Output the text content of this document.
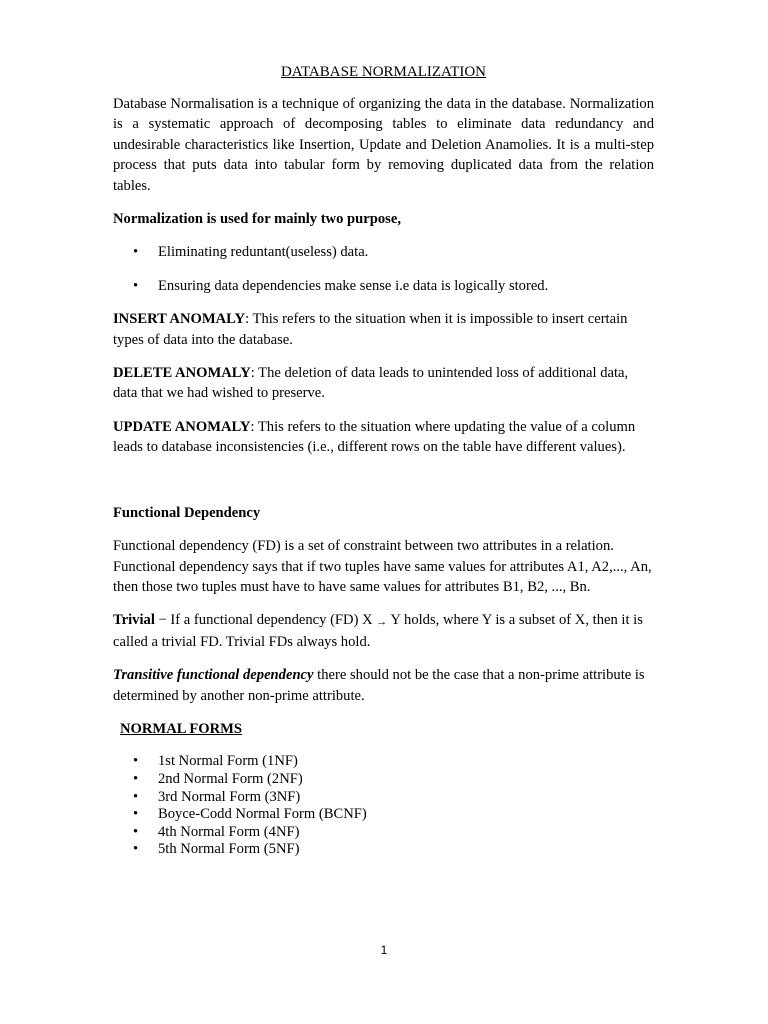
DATABASE NORMALIZATION

Database Normalisation is a technique of organizing the data in the database. Normalization is a systematic approach of decomposing tables to eliminate data redundancy and undesirable characteristics like Insertion, Update and Deletion Anamolies. It is a multi-step process that puts data into tabular form by removing duplicated data from the relation tables.

Normalization is used for mainly two purpose,

• Eliminating reduntant(useless) data.
• Ensuring data dependencies make sense i.e data is logically stored.

INSERT ANOMALY: This refers to the situation when it is impossible to insert certain types of data into the database.

DELETE ANOMALY: The deletion of data leads to unintended loss of additional data, data that we had wished to preserve.

UPDATE ANOMALY: This refers to the situation where updating the value of a column leads to database inconsistencies (i.e., different rows on the table have different values).

Functional Dependency

Functional dependency (FD) is a set of constraint between two attributes in a relation. Functional dependency says that if two tuples have same values for attributes A1, A2,..., An, then those two tuples must have to have same values for attributes B1, B2, ..., Bn.

Trivial − If a functional dependency (FD) X → Y holds, where Y is a subset of X, then it is called a trivial FD. Trivial FDs always hold.

Transitive functional dependency there should not be the case that a non-prime attribute is determined by another non-prime attribute.

NORMAL FORMS
• 1st Normal Form (1NF)
• 2nd Normal Form (2NF)
• 3rd Normal Form (3NF)
• Boyce-Codd Normal Form (BCNF)
• 4th Normal Form (4NF)
• 5th Normal Form (5NF)
1
